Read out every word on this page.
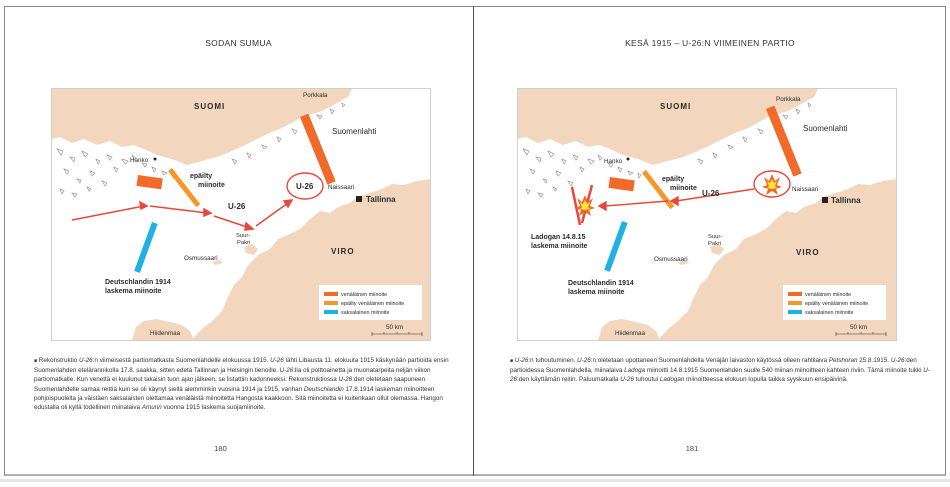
SODAN SUMUA
SUOMI
Porkkala
Suomenlahti
Hanko
epäilty
miinoite
U-26
U-26 Naissaari
Tallinna
Suur-
Pakri
Osmussaari
VIRO
Deutschlandin 1914
laskema miinoite
Hiidenmaa
venäläinen miinoite
epäilty venäläinen miinoite
saksalainen miinoite
50 km
■ Rekonstruktio U-26:n viimeisestä partiomatkasta Suomenlahdelle elokuussa 1915. U-26 lähti Libausta 11. elokuuta 1915 käskynään partioida ensin Suomenlahden etelärannikolla 17.8. saakka, sitten edetä Tallinnan ja Helsingin tienoille. U-26:lla oli polttoainetta ja muonatarpeita neljän viikon partiomatkalle. Kun venettä ei kuulunut takaisin tuon ajan jälkeen, se listattiin kadonneeksi. Rekonstruktiossa U-26:den oletetaan saapuneen Suomenlahdelle samaa reittiä kuin se oli käynyt siellä aiemminkin vuosina 1914 ja 1915, vanhan Deutschlandin 17.8.1914 laskeman miinoitteen pohjoispuolelta ja väistäen saksalaisten olettamaa venäläistä miinoitetta Hangosta kaakkoon. Sitä miinoitetta ei kuitenkaan ollut olemassa. Hangon edustalla oli kyllä todellinen miinalaiva Amurin vuonna 1915 laskema suojamiinoite.
180
KESÄ 1915 – U-26:N VIIMEINEN PARTIO
SUOMI
Porkkala
Suomenlahti
Hanko
epäilty
miinoite
U-26	Naissaari
Tallinna
Suur-
Pakri
Osmussaari
VIRO
Ladogan 14.8.15
laskema miinoite
Deutschlandin 1914
laskema miinoite
Hiidenmaa
venäläinen miinoite
epäilty venäläinen miinoite
saksalainen miinoite
50 km
■ U-26:n tuhoutuminen. U-26:n oletetaan upottaneen Suomenlahdella Venäjän laivaston käytössä olleen rahtilaiva Petshoran 25.8.1915. U-26:den partioidessa Suomenlahdella, miinalaiva Ladoga miinoitti 14.8.1915 Suomenlahden suulle 540 miinan miinoitteen kahteen riviin. Tämä miinoite tukki U-26:den käyttämän reitin. Paluumatkalla U-26 tuhoutui Ladogan miinoitteessa elokuun lopulla taikka syyskuun ensipäivinä.
181
